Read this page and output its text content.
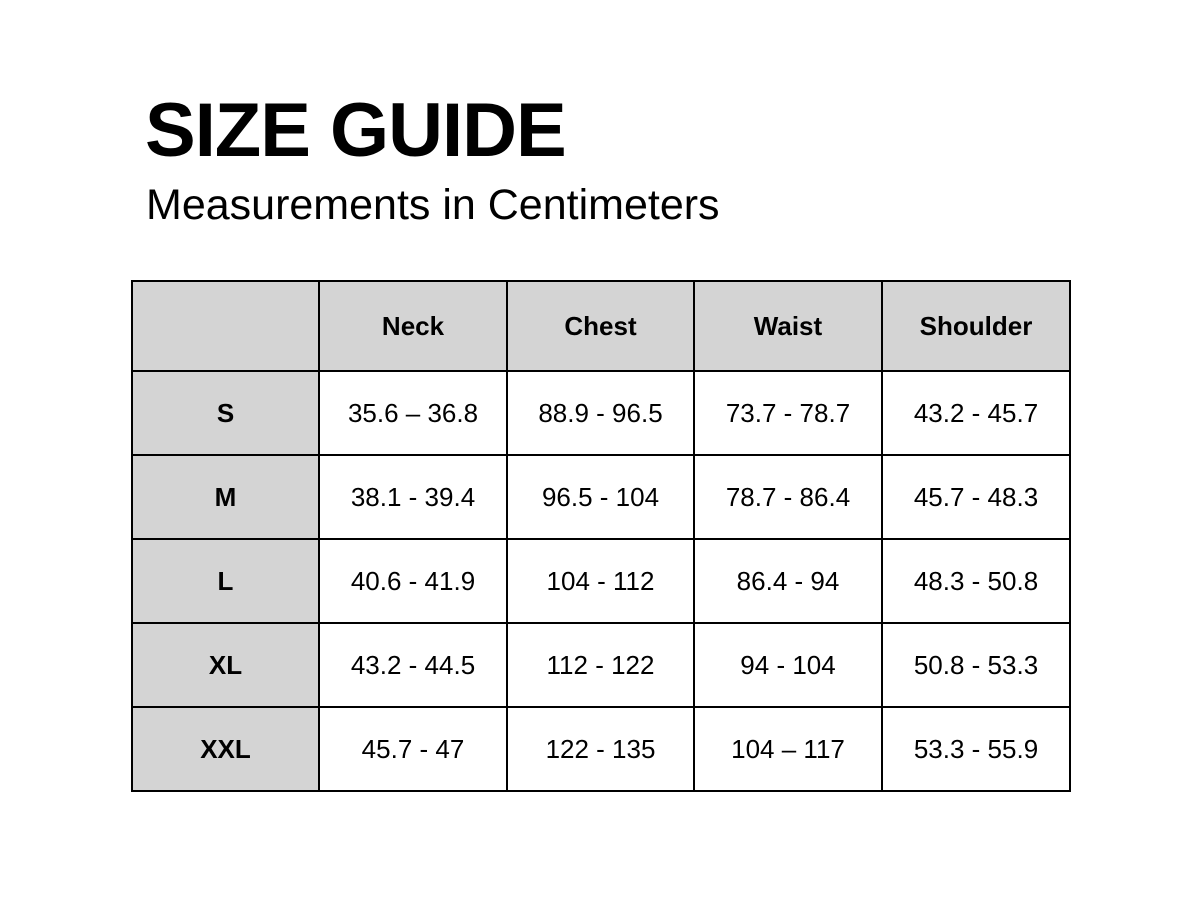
SIZE GUIDE

Measurements in Centimeters

	Neck	Chest	Waist	Shoulder
S	35.6 – 36.8	88.9 - 96.5	73.7 - 78.7	43.2 - 45.7
M	38.1 - 39.4	96.5 - 104	78.7 - 86.4	45.7 - 48.3
L	40.6 - 41.9	104 - 112	86.4 - 94	48.3 - 50.8
XL	43.2 - 44.5	112 - 122	94 - 104	50.8 - 53.3
XXL	45.7 - 47	122 - 135	104 – 117	53.3 - 55.9
